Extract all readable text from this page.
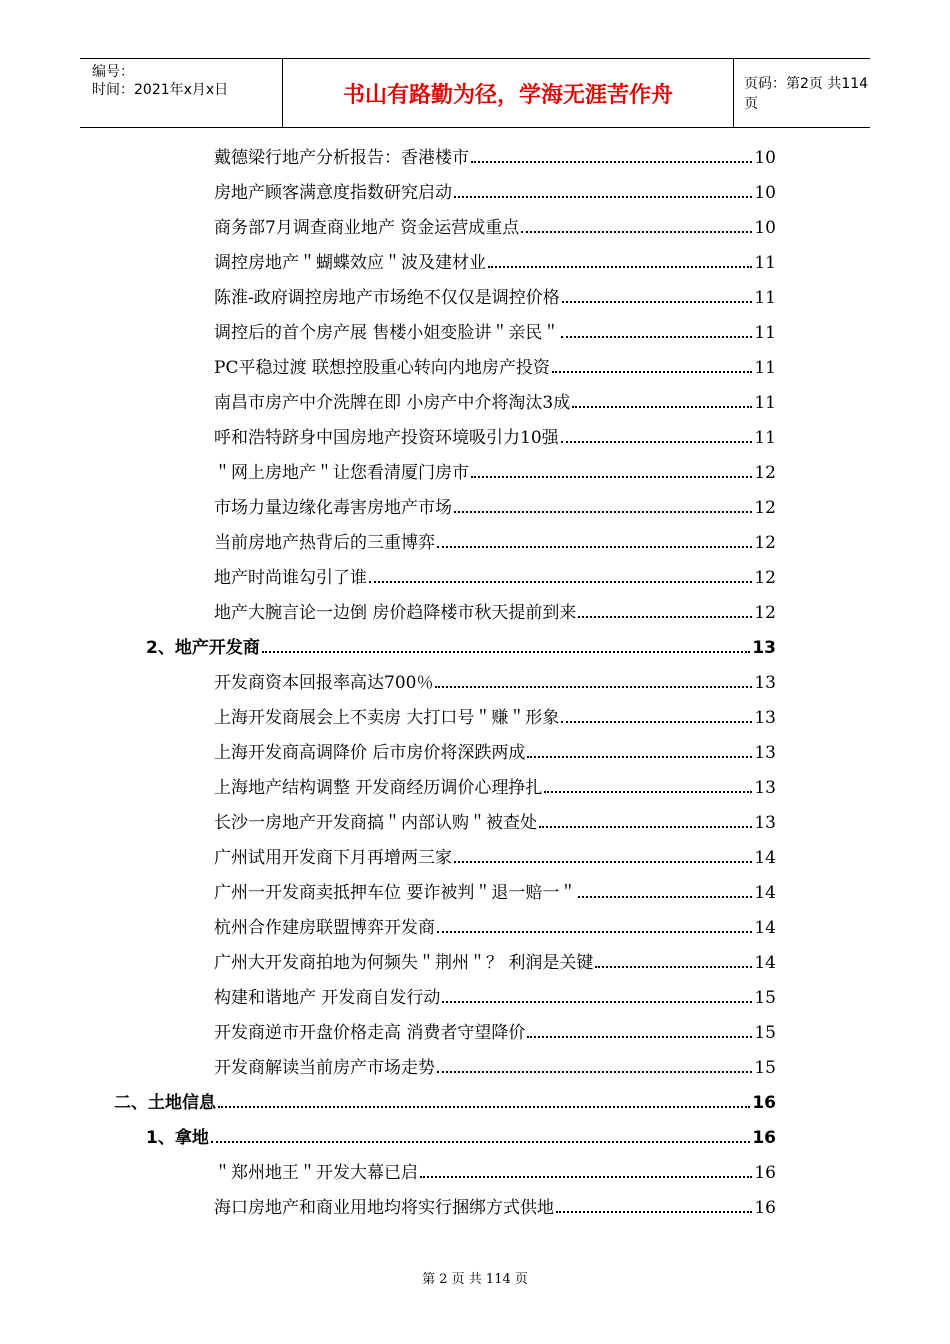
编号：
时间：2021年x月x日	书山有路勤为径，学海无涯苦作舟	页码：第2页 共114页
戴德梁行地产分析报告：香港楼市	10
房地产顾客满意度指数研究启动	10
商务部7月调查商业地产 资金运营成重点	10
调控房地产＂蝴蝶效应＂波及建材业	11
陈淮-政府调控房地产市场绝不仅仅是调控价格	11
调控后的首个房产展 售楼小姐变脸讲＂亲民＂	11
PC平稳过渡 联想控股重心转向内地房产投资	11
南昌市房产中介洗牌在即 小房产中介将淘汰3成	11
呼和浩特跻身中国房地产投资环境吸引力10强	11
＂网上房地产＂让您看清厦门房市	12
市场力量边缘化毒害房地产市场	12
当前房地产热背后的三重博弈	12
地产时尚谁勾引了谁	12
地产大腕言论一边倒 房价趋降楼市秋天提前到来	12
2、地产开发商	13
开发商资本回报率高达700％	13
上海开发商展会上不卖房 大打口号＂赚＂形象	13
上海开发商高调降价 后市房价将深跌两成	13
上海地产结构调整 开发商经历调价心理挣扎	13
长沙一房地产开发商搞＂内部认购＂被查处	13
广州试用开发商下月再增两三家	14
广州一开发商卖抵押车位 要诈被判＂退一赔一＂	14
杭州合作建房联盟博弈开发商	14
广州大开发商拍地为何频失＂荆州＂？ 利润是关键	14
构建和谐地产 开发商自发行动	15
开发商逆市开盘价格走高 消费者守望降价	15
开发商解读当前房产市场走势	15
二、土地信息	16
1、拿地	16
＂郑州地王＂开发大幕已启	16
海口房地产和商业用地均将实行捆绑方式供地	16
第 2 页 共 114 页
